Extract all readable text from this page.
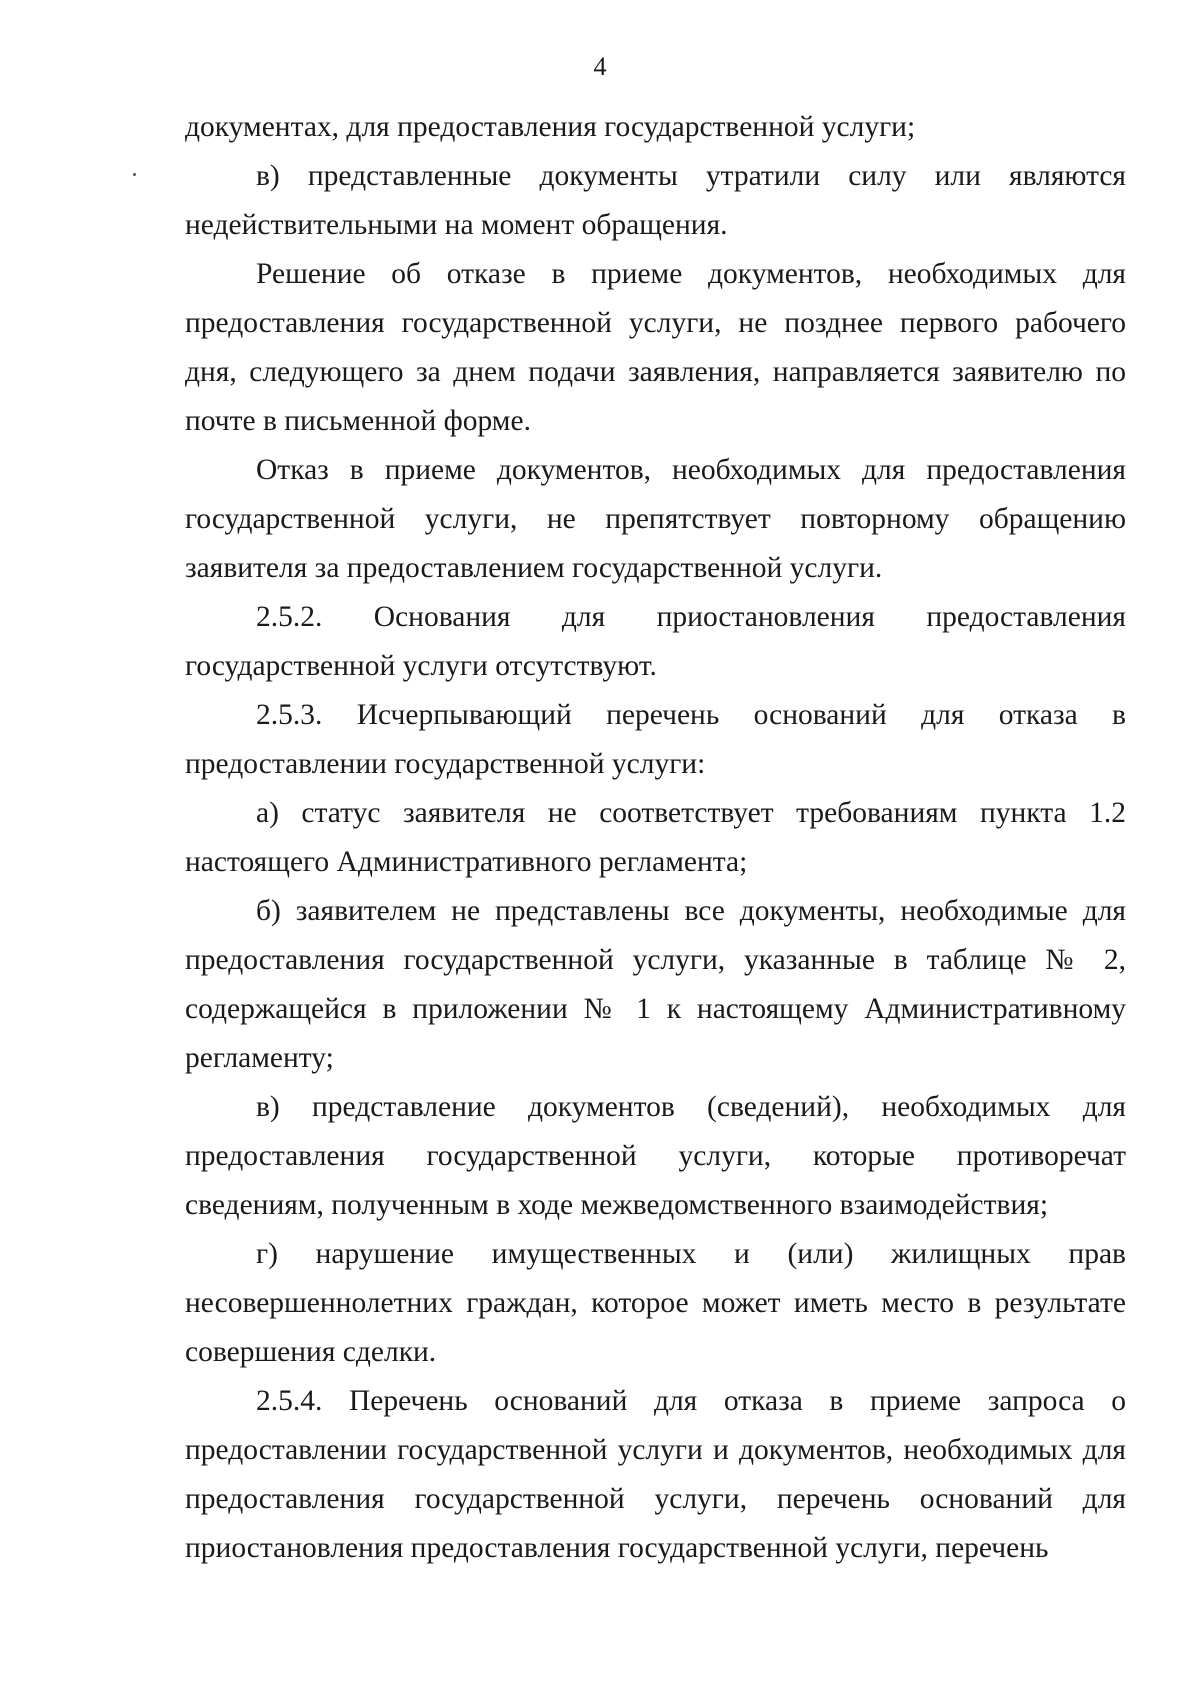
4

документах, для предоставления государственной услуги;

в) представленные документы утратили силу или являются недействительными на момент обращения.

Решение об отказе в приеме документов, необходимых для предоставления государственной услуги, не позднее первого рабочего дня, следующего за днем подачи заявления, направляется заявителю по почте в письменной форме.

Отказ в приеме документов, необходимых для предоставления государственной услуги, не препятствует повторному обращению заявителя за предоставлением государственной услуги.

2.5.2. Основания для приостановления предоставления государственной услуги отсутствуют.

2.5.3. Исчерпывающий перечень оснований для отказа в предоставлении государственной услуги:

а) статус заявителя не соответствует требованиям пункта 1.2 настоящего Административного регламента;

б) заявителем не представлены все документы, необходимые для предоставления государственной услуги, указанные в таблице № 2, содержащейся в приложении № 1 к настоящему Административному регламенту;

в) представление документов (сведений), необходимых для предоставления государственной услуги, которые противоречат сведениям, полученным в ходе межведомственного взаимодействия;

г) нарушение имущественных и (или) жилищных прав несовершеннолетних граждан, которое может иметь место в результате совершения сделки.

2.5.4. Перечень оснований для отказа в приеме запроса о предоставлении государственной услуги и документов, необходимых для предоставления государственной услуги, перечень оснований для приостановления предоставления государственной услуги, перечень
